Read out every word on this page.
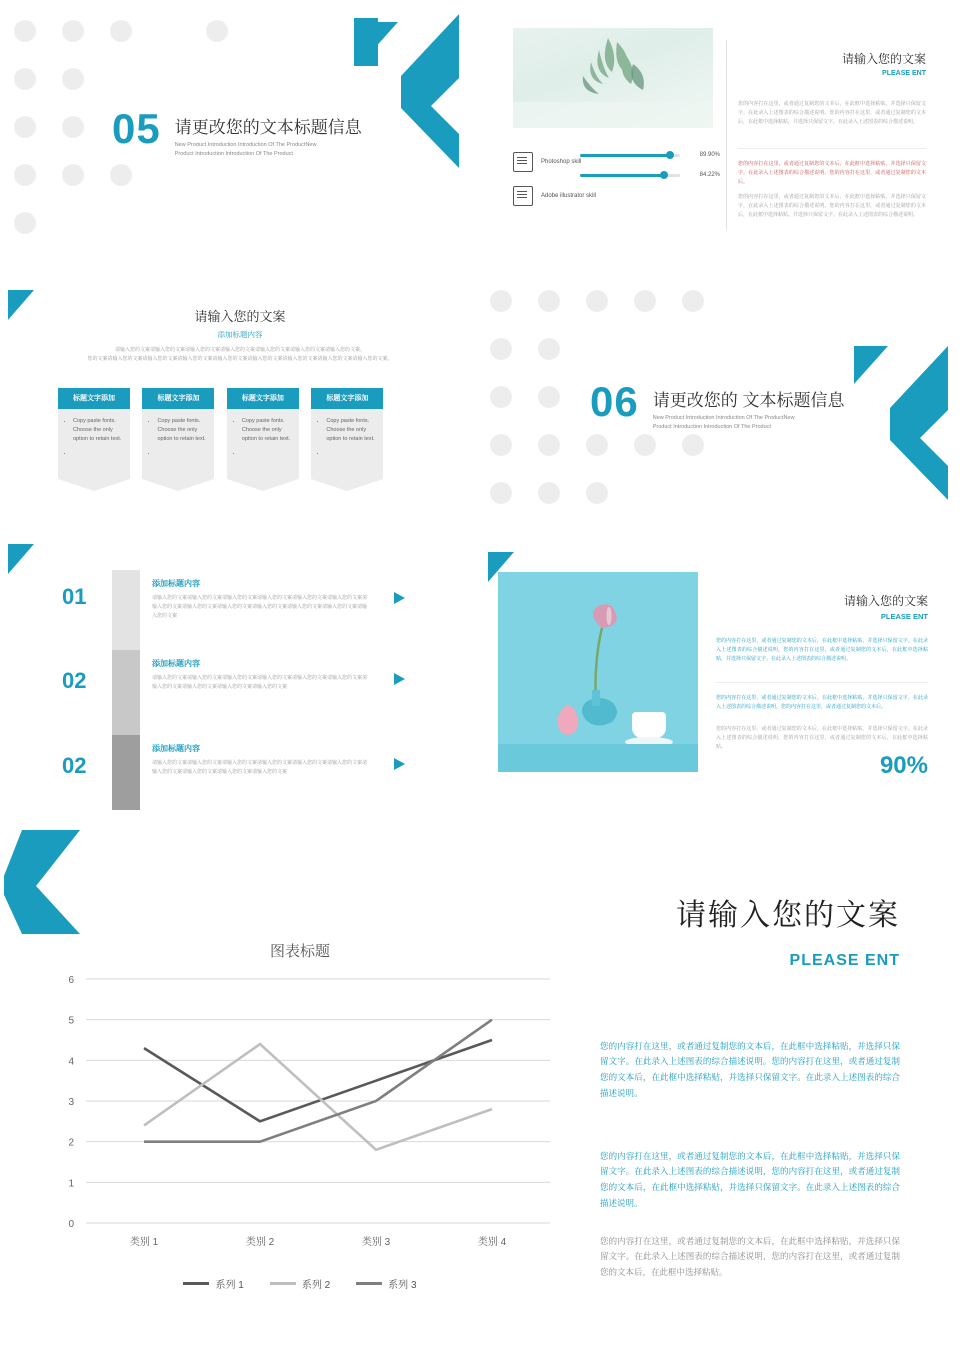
05 请更改您的文本标题信息
New Product Introduction Introduction Of The ProductNew
Product Introduction Introduction Of The Product
Photoshop skill
Adobe illustrator skill
89.90%
84.22%
请输入您的文案
PLEASE ENT

您的内容打在这里，或者通过复制您的文本后，在此框中选择粘贴。并选择只保留文字。在此录入上述图表的综合描述说明。您的内容打在这里，或者通过复制您的文本后，在此框中选择粘贴，并选择只保留文字。在此录入上述图表的综合描述说明。

您的内容打在这里，或者通过复制您的文本后，在此框中选择粘贴，并选择只保留文字。在此录入上述图表的综合描述说明，您的内容打在这里，或者通过复制您的文本后。

您的内容打在这里，或者通过复制您的文本后，在此框中选择粘贴，并选择只保留文字，在此录入上述图表的综合描述说明。您的内容打在这里，或者通过复制您的文本后，在此框中选择粘贴。并选择只保留文字。在此录入上述图表的综合描述说明。

请输入您的文案
添加标题内容
请输入您的文案请输入您的文案请输入您的文案请输入您的文案请输入您的文案请输入您的文案请输入您的文案。
您的文案请输入您的文案请输入您的文案请输入您的文案请输入您的文案请输入您的文案请输入您的文案请输入您的文案请输入您的文案。
标题文字添加
• Copy paste fonts. Choose the only option to retain text.
•

标题文字添加
• Copy paste fonts. Choose the only option to retain text.
•

标题文字添加
• Copy paste fonts. Choose the only option to retain text.
•

标题文字添加
• Copy paste fonts. Choose the only option to retain text.
•
06 请更改您的 文本标题信息
New Product Introduction Introduction Of The ProductNew
Product Introduction Introduction Of The Product
01
添加标题内容
请输入您的文案请输入您的文案请输入您的文案请输入您的文案请输入您的文案请输入您的文案请输入您的文案请输入您的文案请输入您的文案请输入您的文案请输入您的文案请输入您的文案请输入您的文案
02
添加标题内容
请输入您的文案请输入您的文案请输入您的文案请输入您的文案请输入您的文案请输入您的文案请输入您的文案请输入您的文案请输入您的文案请输入您的文案
02
添加标题内容
请输入您的文案请输入您的文案请输入您的文案请输入您的文案请输入您的文案请输入您的文案请输入您的文案请输入您的文案请输入您的文案请输入您的文案
请输入您的文案
PLEASE ENT

您的内容打在这里，或者通过复制您的文本后，在此框中选择粘贴，并选择只保留文字。在此录入上述图表的综合描述说明，您的内容打在这里，或者通过复制您的文本后，在此框中选择粘贴，并选择只保留文字。在此录入上述图表的综合描述说明。

您的内容打在这里，或者通过复制您的文本后，在此框中选择粘贴，并选择只保留文字。在此录入上述图表的综合描述说明，您的内容打在这里，或者通过复制您的文本后。

您的内容打在这里，或者通过复制您的文本后，在此框中选择粘贴，并选择只保留文字。在此录入上述图表的综合描述说明，您的内容打在这里，或者通过复制您的文本后，在此框中选择粘贴。

90%
请输入您的文案
PLEASE ENT

您的内容打在这里，或者通过复制您的文本后，在此框中选择粘贴，并选择只保留文字。在此录入上述图表的综合描述说明。您的内容打在这里，或者通过复制您的文本后，在此框中选择粘贴，并选择只保留文字。在此录入上述图表的综合描述说明。

您的内容打在这里，或者通过复制您的文本后，在此框中选择粘贴，并选择只保留文字。在此录入上述图表的综合描述说明，您的内容打在这里，或者通过复制您的文本后，在此框中选择粘贴，并选择只保留文字。在此录入上述图表的综合描述说明。

您的内容打在这里，或者通过复制您的文本后，在此框中选择粘贴，并选择只保留文字。在此录入上述图表的综合描述说明，您的内容打在这里，或者通过复制您的文本后，在此框中选择粘贴。

图表标题
0
1
2
3
4
5
6
类别 1	类别 2	类别 3	类别 4
系列 1	系列 2	系列 3
